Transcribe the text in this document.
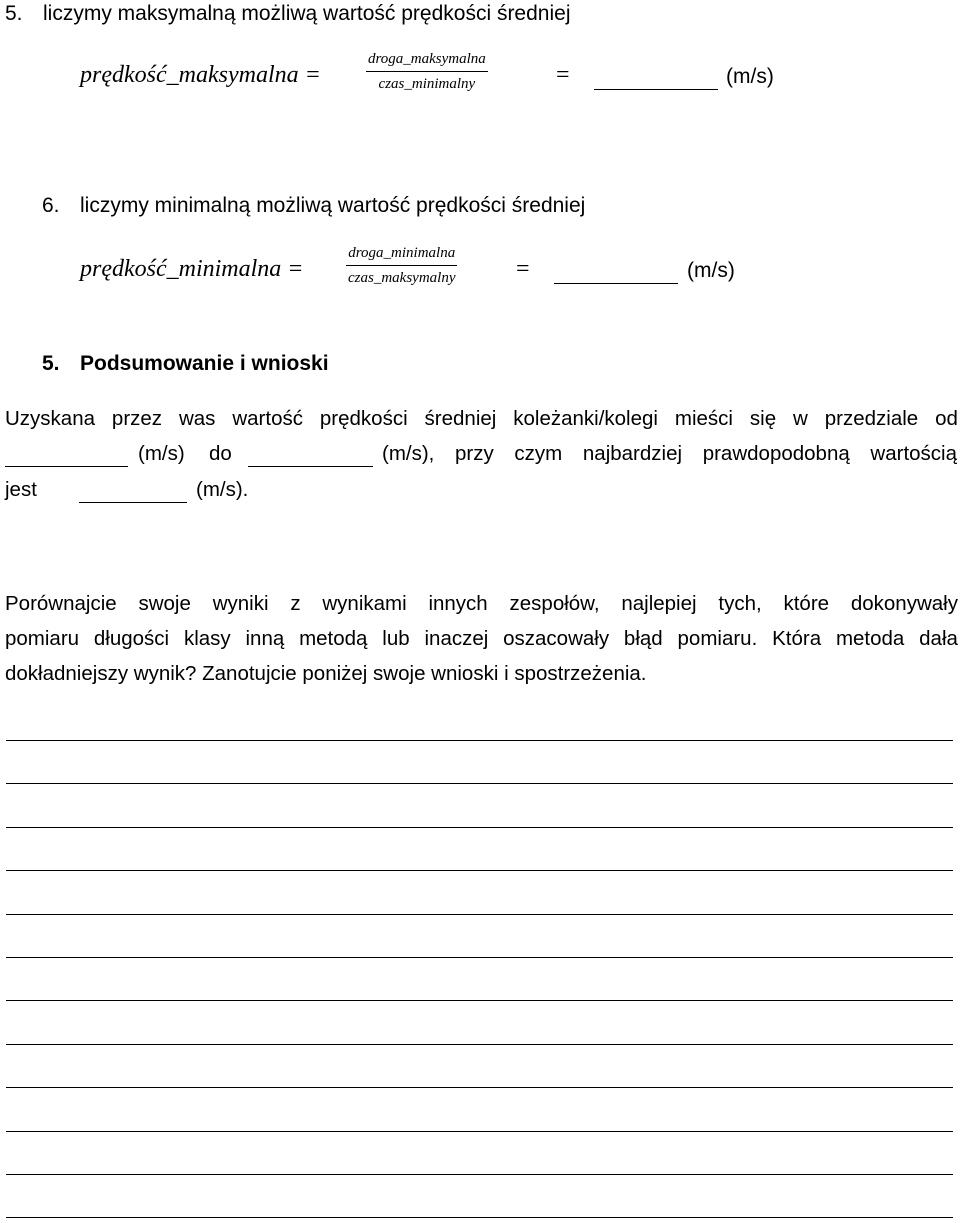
5. liczymy maksymalną możliwą wartość prędkości średniej
prędkość_maksymalna =
droga_maksymalna
czas_minimalny	=	(m/s)
6. liczymy minimalną możliwą wartość prędkości średniej
prędkość_minimalna =
droga_minimalna
czas_maksymalny	=	(m/s)
5. Podsumowanie i wnioski
Uzyskana przez was wartość prędkości średniej koleżanki/kolegi mieści się w przedziale od
(m/s) do	(m/s), przy czym najbardziej prawdopodobną wartością
jest	(m/s).
Porównajcie swoje wyniki z wynikami innych zespołów, najlepiej tych, które dokonywały
pomiaru długości klasy inną metodą lub inaczej oszacowały błąd pomiaru. Która metoda dała
dokładniejszy wynik? Zanotujcie poniżej swoje wnioski i spostrzeżenia.
